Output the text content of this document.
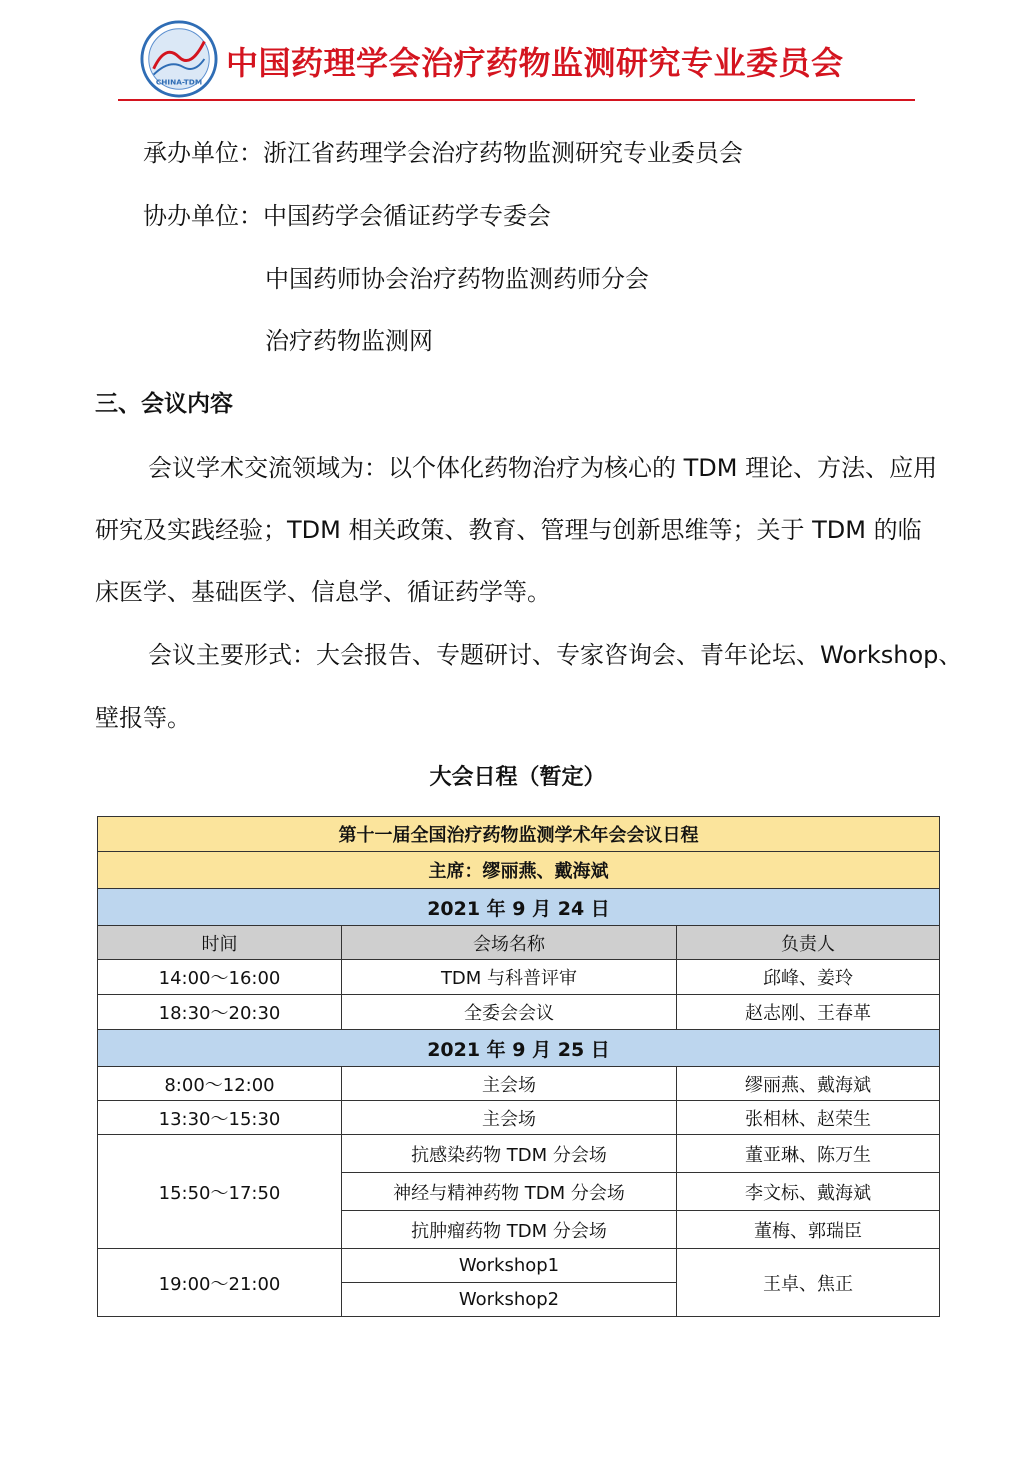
CHINA-TDM 中国药理学会治疗药物监测研究专业委员会
承办单位：浙江省药理学会治疗药物监测研究专业委员会
协办单位：中国药学会循证药学专委会
中国药师协会治疗药物监测药师分会
治疗药物监测网
三、会议内容
会议学术交流领域为：以个体化药物治疗为核心的 TDM 理论、方法、应用
研究及实践经验；TDM 相关政策、教育、管理与创新思维等；关于 TDM 的临
床医学、基础医学、信息学、循证药学等。
会议主要形式：大会报告、专题研讨、专家咨询会、青年论坛、Workshop、
壁报等。
大会日程（暂定）
第十一届全国治疗药物监测学术年会会议日程		
主席：缪丽燕、戴海斌		
2021 年 9 月 24 日		
时间	会场名称	负责人
14:00～16:00	TDM 与科普评审	邱峰、姜玲
18:30～20:30	全委会会议	赵志刚、王春革
2021 年 9 月 25 日		
8:00～12:00	主会场	缪丽燕、戴海斌
13:30～15:30	主会场	张相林、赵荣生
15:50～17:50	抗感染药物 TDM 分会场	董亚琳、陈万生
	神经与精神药物 TDM 分会场	李文标、戴海斌
	抗肿瘤药物 TDM 分会场	董梅、郭瑞臣
19:00～21:00	Workshop1	王卓、焦正
	Workshop2	
